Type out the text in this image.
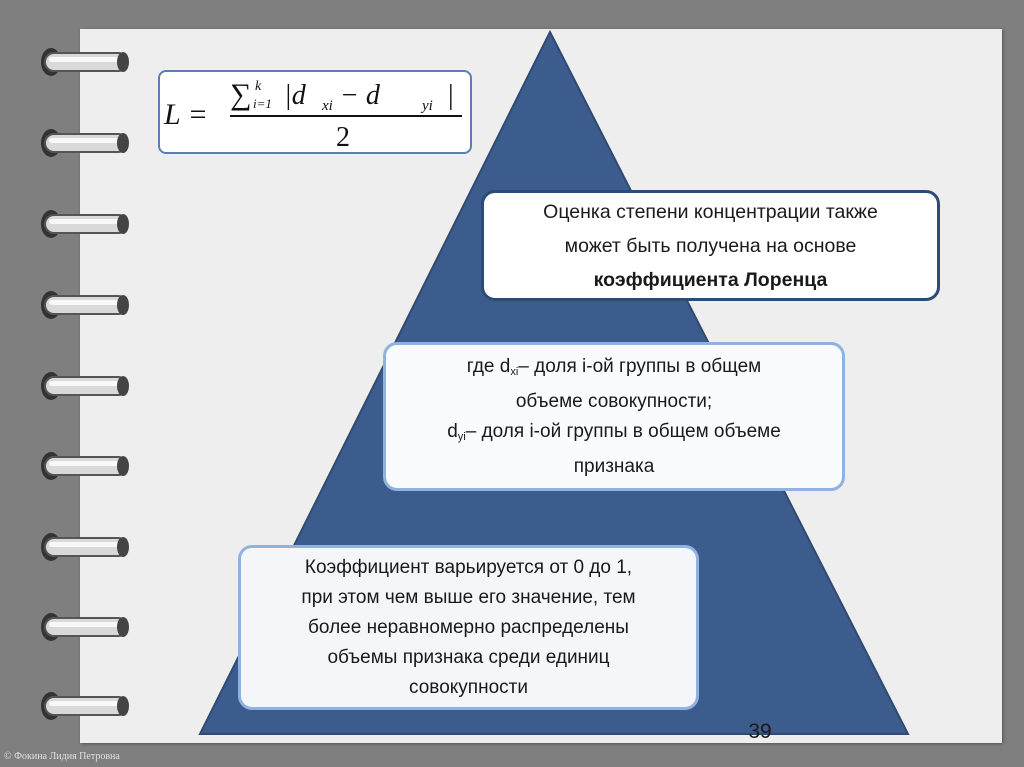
L =
∑ k
i=1 |d xi − d	yi |
2
Оценка степени концентрации также
может быть получена на основе
коэффициента Лоренца
где $d_{xi}-$ доля i-ой группы в общем
объеме совокупности;
$d_{yi}-$ доля i-ой группы в общем объеме
признака
Коэффициент варьируется от 0 до 1,
при этом чем выше его значение, тем
более неравномерно распределены
объемы признака среди единиц
совокупности
39
© Фокина Лидия Петровна
